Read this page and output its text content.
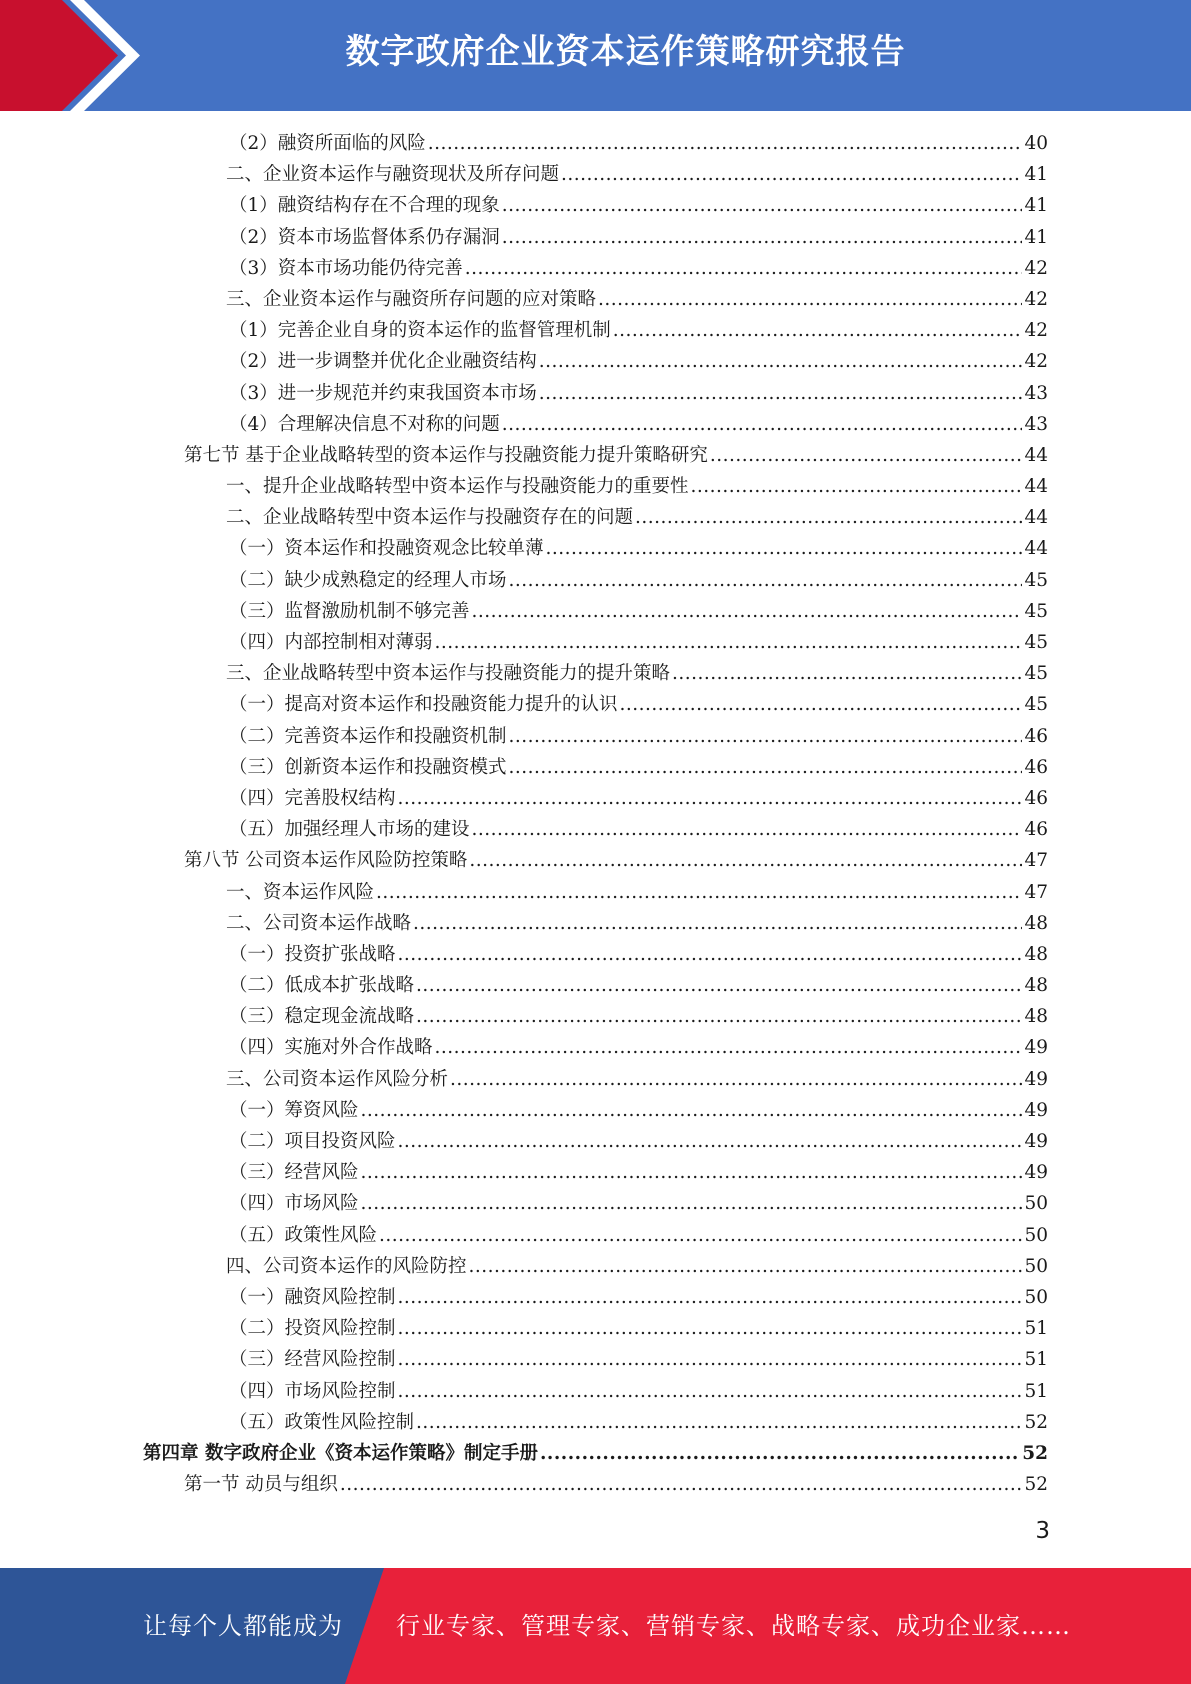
数字政府企业资本运作策略研究报告
（2）融资所面临的风险 .....	40
二、企业资本运作与融资现状及所存问题 .....	41
（1）融资结构存在不合理的现象 .....	41
（2）资本市场监督体系仍存漏洞 .....	41
（3）资本市场功能仍待完善 .....	42
三、企业资本运作与融资所存问题的应对策略 .....	42
（1）完善企业自身的资本运作的监督管理机制 .....	42
（2）进一步调整并优化企业融资结构 .....	42
（3）进一步规范并约束我国资本市场 .....	43
（4）合理解决信息不对称的问题 .....	43
第七节 基于企业战略转型的资本运作与投融资能力提升策略研究 .....	44
一、提升企业战略转型中资本运作与投融资能力的重要性 .....	44
二、企业战略转型中资本运作与投融资存在的问题 .....	44
（一）资本运作和投融资观念比较单薄 .....	44
（二）缺少成熟稳定的经理人市场 .....	45
（三）监督激励机制不够完善 .....	45
（四）内部控制相对薄弱 .....	45
三、企业战略转型中资本运作与投融资能力的提升策略 .....	45
（一）提高对资本运作和投融资能力提升的认识 .....	45
（二）完善资本运作和投融资机制 .....	46
（三）创新资本运作和投融资模式 .....	46
（四）完善股权结构 .....	46
（五）加强经理人市场的建设 .....	46
第八节 公司资本运作风险防控策略 .....	47
一、资本运作风险 .....	47
二、公司资本运作战略 .....	48
（一）投资扩张战略 .....	48
（二）低成本扩张战略 .....	48
（三）稳定现金流战略 .....	48
（四）实施对外合作战略 .....	49
三、公司资本运作风险分析 .....	49
（一）筹资风险 .....	49
（二）项目投资风险 .....	49
（三）经营风险 .....	49
（四）市场风险 .....	50
（五）政策性风险 .....	50
四、公司资本运作的风险防控 .....	50
（一）融资风险控制 .....	50
（二）投资风险控制 .....	51
（三）经营风险控制 .....	51
（四）市场风险控制 .....	51
（五）政策性风险控制 .....	52
第四章 数字政府企业《资本运作策略》制定手册 .....	52
第一节 动员与组织 .....	52
3
让每个人都能成为 行业专家、管理专家、营销专家、战略专家、成功企业家……
